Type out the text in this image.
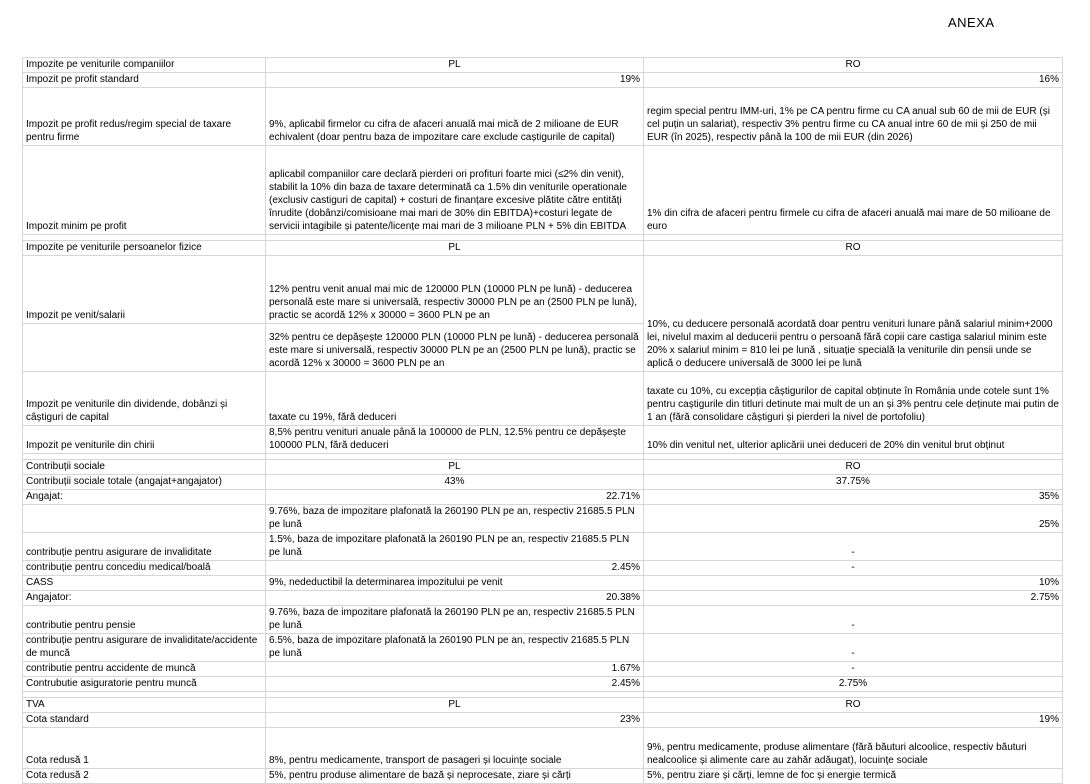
ANEXA
Impozite pe veniturile companiilor	PL	RO
Impozit pe profit standard	19%	16%
Impozit pe profit redus/regim special de taxare pentru firme	9%, aplicabil firmelor cu cifra de afaceri anuală mai mică de 2 milioane de EUR echivalent (doar pentru baza de impozitare care exclude caștigurile de capital)	regim special pentru IMM-uri, 1% pe CA pentru firme cu CA anual sub 60 de mii de EUR (și cel puțin un salariat), respectiv 3% pentru firme cu CA anual intre 60 de mii și 250 de mii EUR (în 2025), respectiv până la 100 de mii EUR (din 2026)
Impozit minim pe profit	aplicabil companiilor care declară pierderi ori profituri foarte mici (≤2% din venit), stabilit la 10% din baza de taxare determinată ca 1.5% din veniturile operationale (exclusiv castiguri de capital) + costuri de finanțare excesive plătite către entități înrudite (dobânzi/comisioane mai mari de 30% din EBITDA)+costuri legate de servicii intagibile și patente/licențe mai mari de 3 milioane PLN + 5% din EBITDA	1% din cifra de afaceri pentru firmele cu cifra de afaceri anuală mai mare de 50 milioane de euro

Impozite pe veniturile persoanelor fizice	PL	RO
Impozit pe venit/salarii	12% pentru venit anual mai mic de 120000 PLN (10000 PLN pe lună) - deducerea personală este mare si universală, respectiv 30000 PLN pe an (2500 PLN pe lună), practic se acordă 12% x 30000 = 3600 PLN pe an	10%, cu deducere personală acordată doar pentru venituri lunare până salariul minim+2000 lei, nivelul maxim al deducerii pentru o persoană fără copii care castiga salariul minim este 20% x salariul minim = 810 lei pe lună , situație specială la veniturile din pensii unde se aplică o deducere universală de 3000 lei pe lună
	32% pentru ce depășește 120000 PLN (10000 PLN pe lună) - deducerea personală este mare si universală, respectiv 30000 PLN pe an (2500 PLN pe lună), practic se acordă 12% x 30000 = 3600 PLN pe an	
Impozit pe veniturile din dividende, dobânzi și câștiguri de capital	taxate cu 19%, fără deduceri	taxate cu 10%, cu excepția câștigurilor de capital obținute în România unde cotele sunt 1% pentru caștigurile din titluri detinute mai mult de un an și 3% pentru cele deținute mai putin de 1 an (fără consolidare câștiguri și pierderi la nivel de portofoliu)
Impozit pe veniturile din chirii	8,5% pentru venituri anuale până la 100000 de PLN, 12.5% pentru ce depășește 100000 PLN, fără deduceri	10% din venitul net, ulterior aplicării unei deduceri de 20% din venitul brut obținut

Contribuții sociale	PL	RO
Contribuții sociale totale (angajat+angajator)	43%	37.75%
Angajat:	22.71%	35%
	9.76%, baza de impozitare plafonată la 260190 PLN pe an, respectiv 21685.5 PLN pe lună	25%
contribuție pentru asigurare de invaliditate	1.5%, baza de impozitare plafonată la 260190 PLN pe an, respectiv 21685.5 PLN pe lună	-
contribuție pentru concediu medical/boală	2.45%	-
CASS	9%, nedeductibil la determinarea impozitului pe venit	10%
Angajator:	20.38%	2.75%
contributie pentru pensie	9.76%, baza de impozitare plafonată la 260190 PLN pe an, respectiv 21685.5 PLN pe lună	-
contribuție pentru asigurare de invaliditate/accidente de muncă	6.5%, baza de impozitare plafonată la 260190 PLN pe an, respectiv 21685.5 PLN pe lună	-
contributie pentru accidente de muncă	1.67%	-
Contrubutie asiguratorie pentru muncă	2.45%	2.75%

TVA	PL	RO
Cota standard	23%	19%
Cota redusă 1	8%, pentru medicamente, transport de pasageri și locuințe sociale	9%, pentru medicamente, produse alimentare (fără băuturi alcoolice, respectiv băuturi nealcoolice și alimente care au zahăr adăugat), locuințe sociale
Cota redusă 2	5%, pentru produse alimentare de bază și neprocesate, ziare și cărți	5%, pentru ziare și cărți, lemne de foc și energie termică
